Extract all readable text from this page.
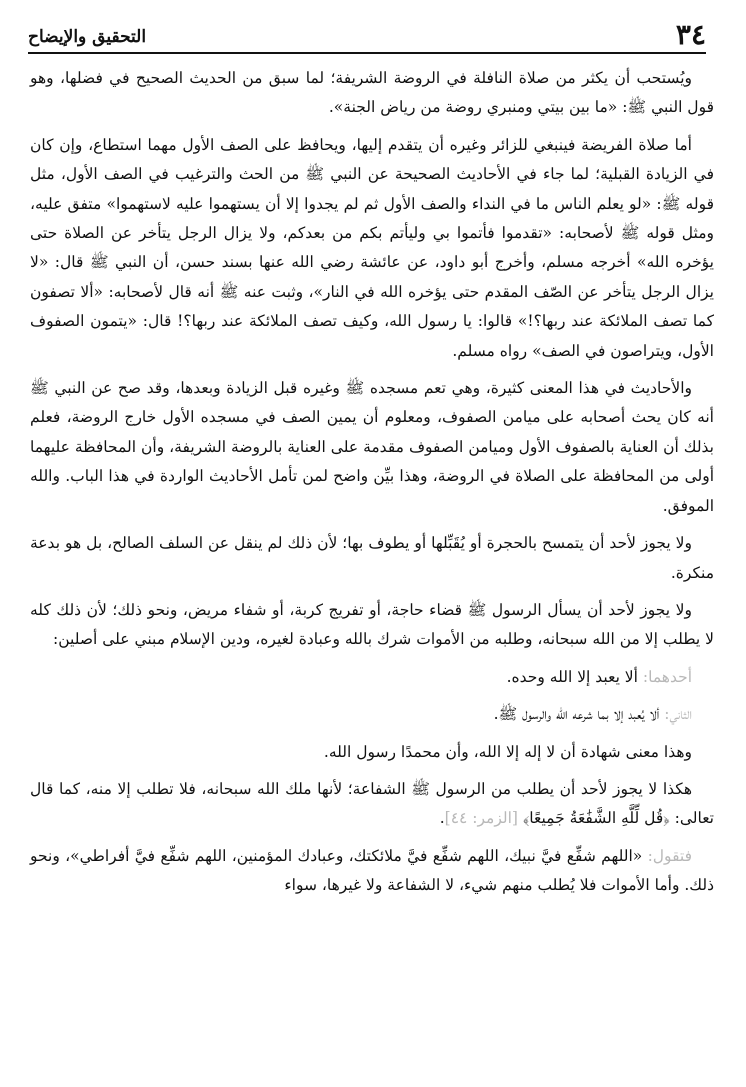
٣٤
التحقيق والإيضاح

ويُستحب أن يكثر من صلاة النافلة في الروضة الشريفة؛ لما سبق من الحديث الصحيح في فضلها، وهو قول النبي ﷺ: «ما بين بيتي ومنبري روضة من رياض الجنة».

أما صلاة الفريضة فينبغي للزائر وغيره أن يتقدم إليها، ويحافظ على الصف الأول مهما استطاع، وإن كان في الزيادة القبلية؛ لما جاء في الأحاديث الصحيحة عن النبي ﷺ من الحث والترغيب في الصف الأول، مثل قوله ﷺ: «لو يعلم الناس ما في النداء والصف الأول ثم لم يجدوا إلا أن يستهموا عليه لاستهموا» متفق عليه، ومثل قوله ﷺ لأصحابه: «تقدموا فأتموا بي وليأتم بكم من بعدكم، ولا يزال الرجل يتأخر عن الصلاة حتى يؤخره الله» أخرجه مسلم، وأخرج أبو داود، عن عائشة رضي الله عنها بسند حسن، أن النبي ﷺ قال: «لا يزال الرجل يتأخر عن الصّف المقدم حتى يؤخره الله في النار»، وثبت عنه ﷺ أنه قال لأصحابه: «ألا تصفون كما تصف الملائكة عند ربها؟!» قالوا: يا رسول الله، وكيف تصف الملائكة عند ربها؟! قال: «يتمون الصفوف الأول، ويتراصون في الصف» رواه مسلم.

والأحاديث في هذا المعنى كثيرة، وهي تعم مسجده ﷺ وغيره قبل الزيادة وبعدها، وقد صح عن النبي ﷺ أنه كان يحث أصحابه على ميامن الصفوف، ومعلوم أن يمين الصف في مسجده الأول خارج الروضة، فعلم بذلك أن العناية بالصفوف الأول وميامن الصفوف مقدمة على العناية بالروضة الشريفة، وأن المحافظة عليهما أولى من المحافظة على الصلاة في الروضة، وهذا بيِّن واضح لمن تأمل الأحاديث الواردة في هذا الباب. والله الموفق.

ولا يجوز لأحد أن يتمسح بالحجرة أو يُقَبِّلها أو يطوف بها؛ لأن ذلك لم ينقل عن السلف الصالح، بل هو بدعة منكرة.

ولا يجوز لأحد أن يسأل الرسول ﷺ قضاء حاجة، أو تفريج كربة، أو شفاء مريض، ونحو ذلك؛ لأن ذلك كله لا يطلب إلا من الله سبحانه، وطلبه من الأموات شرك بالله وعبادة لغيره، ودين الإسلام مبني على أصلين:

أحدهما: ألا يعبد إلا الله وحده.

الثاني: ألا يُعبد إلا بما شرعه الله والرسول ﷺ.

وهذا معنى شهادة أن لا إله إلا الله، وأن محمدًا رسول الله.

هكذا لا يجوز لأحد أن يطلب من الرسول ﷺ الشفاعة؛ لأنها ملك الله سبحانه، فلا تطلب إلا منه، كما قال تعالى: ﴿قُل لِّلَّهِ الشَّفَٰعَةُ جَمِيعًا﴾ [الزمر: ٤٤].

فتقول: «اللهم شفِّع فيَّ نبيك، اللهم شفِّع فيَّ ملائكتك، وعبادك المؤمنين، اللهم شفِّع فيَّ أفراطي»، ونحو ذلك. وأما الأموات فلا يُطلب منهم شيء، لا الشفاعة ولا غيرها، سواء
